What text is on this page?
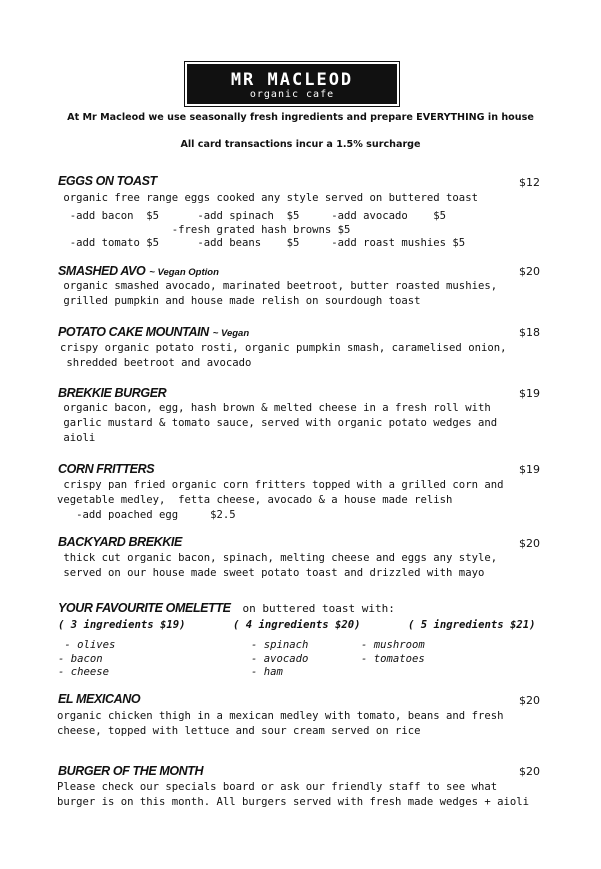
MR MACLEOD
organic cafe
At Mr Macleod we use seasonally fresh ingredients and prepare EVERYTHING in house
All card transactions incur a 1.5% surcharge
EGGS ON TOAST	$12
organic free range eggs cooked any style served on buttered toast
-add bacon  $5      -add spinach  $5     -add avocado    $5
-fresh grated hash browns $5
-add tomato $5      -add beans    $5     -add roast mushies $5
SMASHED AVO ~ Vegan Option	$20
organic smashed avocado, marinated beetroot, butter roasted mushies,
grilled pumpkin and house made relish on sourdough toast
POTATO CAKE MOUNTAIN ~ Vegan	$18
crispy organic potato rosti, organic pumpkin smash, caramelised onion,
shredded beetroot and avocado
BREKKIE BURGER	$19
organic bacon, egg, hash brown & melted cheese in a fresh roll with
garlic mustard & tomato sauce, served with organic potato wedges and
aioli
CORN FRITTERS	$19
crispy pan fried organic corn fritters topped with a grilled corn and
vegetable medley,  fetta cheese, avocado & a house made relish
-add poached egg     $2.5
BACKYARD BREKKIE	$20
thick cut organic bacon, spinach, melting cheese and eggs any style,
served on our house made sweet potato toast and drizzled with mayo
YOUR FAVOURITE OMELETTE on buttered toast with:
( 3 ingredients $19)	( 4 ingredients $20)	( 5 ingredients $21)
- olives
- bacon
- cheese
- spinach
- avocado
- ham
- mushroom
- tomatoes
EL MEXICANO	$20
organic chicken thigh in a mexican medley with tomato, beans and fresh
cheese, topped with lettuce and sour cream served on rice
BURGER OF THE MONTH	$20
Please check our specials board or ask our friendly staff to see what
burger is on this month. All burgers served with fresh made wedges + aioli
